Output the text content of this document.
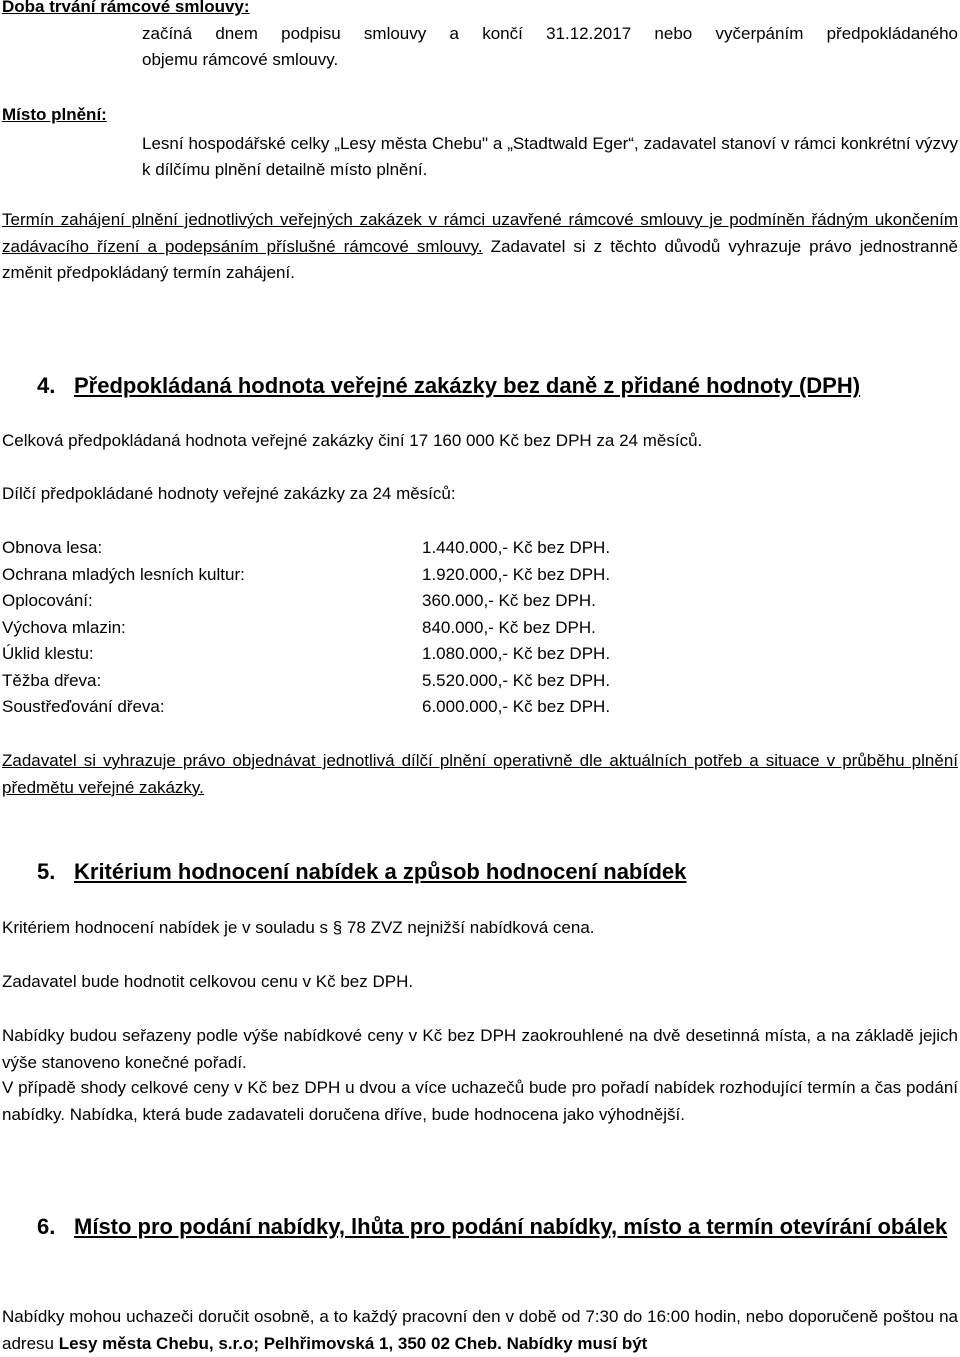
Doba trvání rámcové smlouvy:
začíná dnem podpisu smlouvy a končí 31.12.2017 nebo vyčerpáním předpokládaného
objemu rámcové smlouvy.
Místo plnění:
Lesní hospodářské celky „Lesy města Chebu" a „Stadtwald Eger“, zadavatel stanoví v rámci konkrétní výzvy k dílčímu plnění detailně místo plnění.

Termín zahájení plnění jednotlivých veřejných zakázek v rámci uzavřené rámcové smlouvy je podmíněn řádným ukončením zadávacího řízení a podepsáním příslušné rámcové smlouvy. Zadavatel si z těchto důvodů vyhrazuje právo jednostranně změnit předpokládaný termín zahájení.

4. Předpokládaná hodnota veřejné zakázky bez daně z přidané hodnoty (DPH)

Celková předpokládaná hodnota veřejné zakázky činí 17 160 000 Kč bez DPH za 24 měsíců.

Dílčí předpokládané hodnoty veřejné zakázky za 24 měsíců:

Obnova lesa:	1.440.000,- Kč bez DPH.
Ochrana mladých lesních kultur:	1.920.000,- Kč bez DPH.
Oplocování:	360.000,- Kč bez DPH.
Výchova mlazin:	840.000,- Kč bez DPH.
Úklid klestu:	1.080.000,- Kč bez DPH.
Těžba dřeva:	5.520.000,- Kč bez DPH.
Soustřeďování dřeva:	6.000.000,- Kč bez DPH.

Zadavatel si vyhrazuje právo objednávat jednotlivá dílčí plnění operativně dle aktuálních potřeb a situace v průběhu plnění předmětu veřejné zakázky.

5. Kritérium hodnocení nabídek a způsob hodnocení nabídek

Kritériem hodnocení nabídek je v souladu s § 78 ZVZ nejnižší nabídková cena.

Zadavatel bude hodnotit celkovou cenu v Kč bez DPH.

Nabídky budou seřazeny podle výše nabídkové ceny v Kč bez DPH zaokrouhlené na dvě desetinná místa, a na základě jejich výše stanoveno konečné pořadí.

V případě shody celkové ceny v Kč bez DPH u dvou a více uchazečů bude pro pořadí nabídek rozhodující termín a čas podání nabídky. Nabídka, která bude zadavateli doručena dříve, bude hodnocena jako výhodnější.

6. Místo pro podání nabídky, lhůta pro podání nabídky, místo a termín otevírání obálek

Nabídky mohou uchazeči doručit osobně, a to každý pracovní den v době od 7:30 do 16:00 hodin, nebo doporučeně poštou na adresu Lesy města Chebu, s.r.o; Pelhřimovská 1, 350 02 Cheb. Nabídky musí být
